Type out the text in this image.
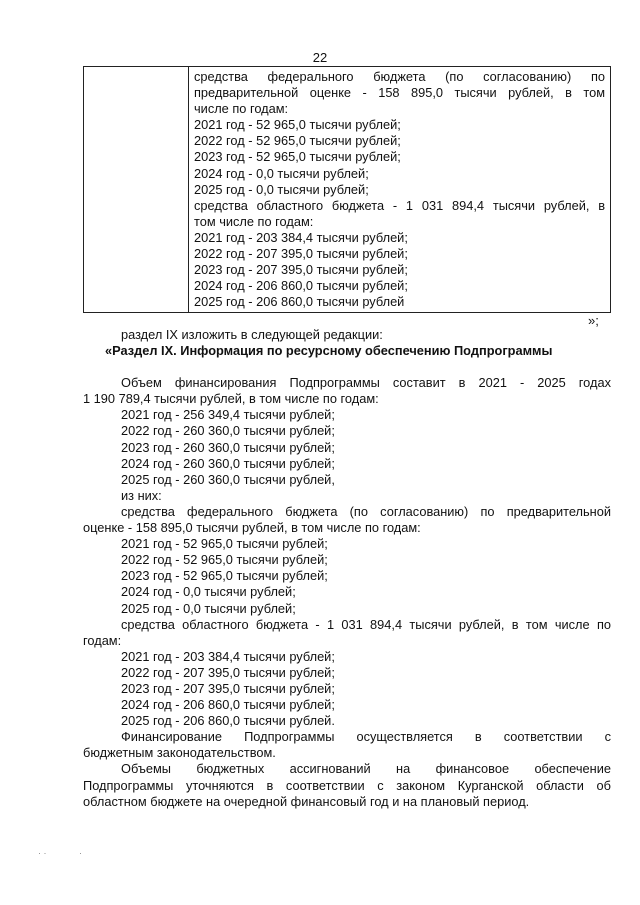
22

средства федерального бюджета (по согласованию) по
предварительной оценке - 158 895,0 тысячи рублей, в том
числе по годам:
2021 год - 52 965,0 тысячи рублей;
2022 год - 52 965,0 тысячи рублей;
2023 год - 52 965,0 тысячи рублей;
2024 год - 0,0 тысячи рублей;
2025 год - 0,0 тысячи рублей;
средства областного бюджета - 1 031 894,4 тысячи рублей, в
том числе по годам:
2021 год - 203 384,4 тысячи рублей;
2022 год - 207 395,0 тысячи рублей;
2023 год - 207 395,0 тысячи рублей;
2024 год - 206 860,0 тысячи рублей;
2025 год - 206 860,0 тысячи рублей
»;
раздел IX изложить в следующей редакции:
«Раздел IX. Информация по ресурсному обеспечению Подпрограммы
Объем финансирования Подпрограммы составит в 2021 - 2025 годах
1 190 789,4 тысячи рублей, в том числе по годам:
2021 год - 256 349,4 тысячи рублей;
2022 год - 260 360,0 тысячи рублей;
2023 год - 260 360,0 тысячи рублей;
2024 год - 260 360,0 тысячи рублей;
2025 год - 260 360,0 тысячи рублей,
из них:
средства федерального бюджета (по согласованию) по предварительной
оценке - 158 895,0 тысячи рублей, в том числе по годам:
2021 год - 52 965,0 тысячи рублей;
2022 год - 52 965,0 тысячи рублей;
2023 год - 52 965,0 тысячи рублей;
2024 год - 0,0 тысячи рублей;
2025 год - 0,0 тысячи рублей;
средства областного бюджета - 1 031 894,4 тысячи рублей, в том числе по
годам:
2021 год - 203 384,4 тысячи рублей;
2022 год - 207 395,0 тысячи рублей;
2023 год - 207 395,0 тысячи рублей;
2024 год - 206 860,0 тысячи рублей;
2025 год - 206 860,0 тысячи рублей.
Финансирование Подпрограммы осуществляется в соответствии с
бюджетным законодательством.
Объемы бюджетных ассигнований на финансовое обеспечение
Подпрограммы уточняются в соответствии с законом Курганской области об
областном бюджете на очередной финансовый год и на плановый период.
· ·             ·
